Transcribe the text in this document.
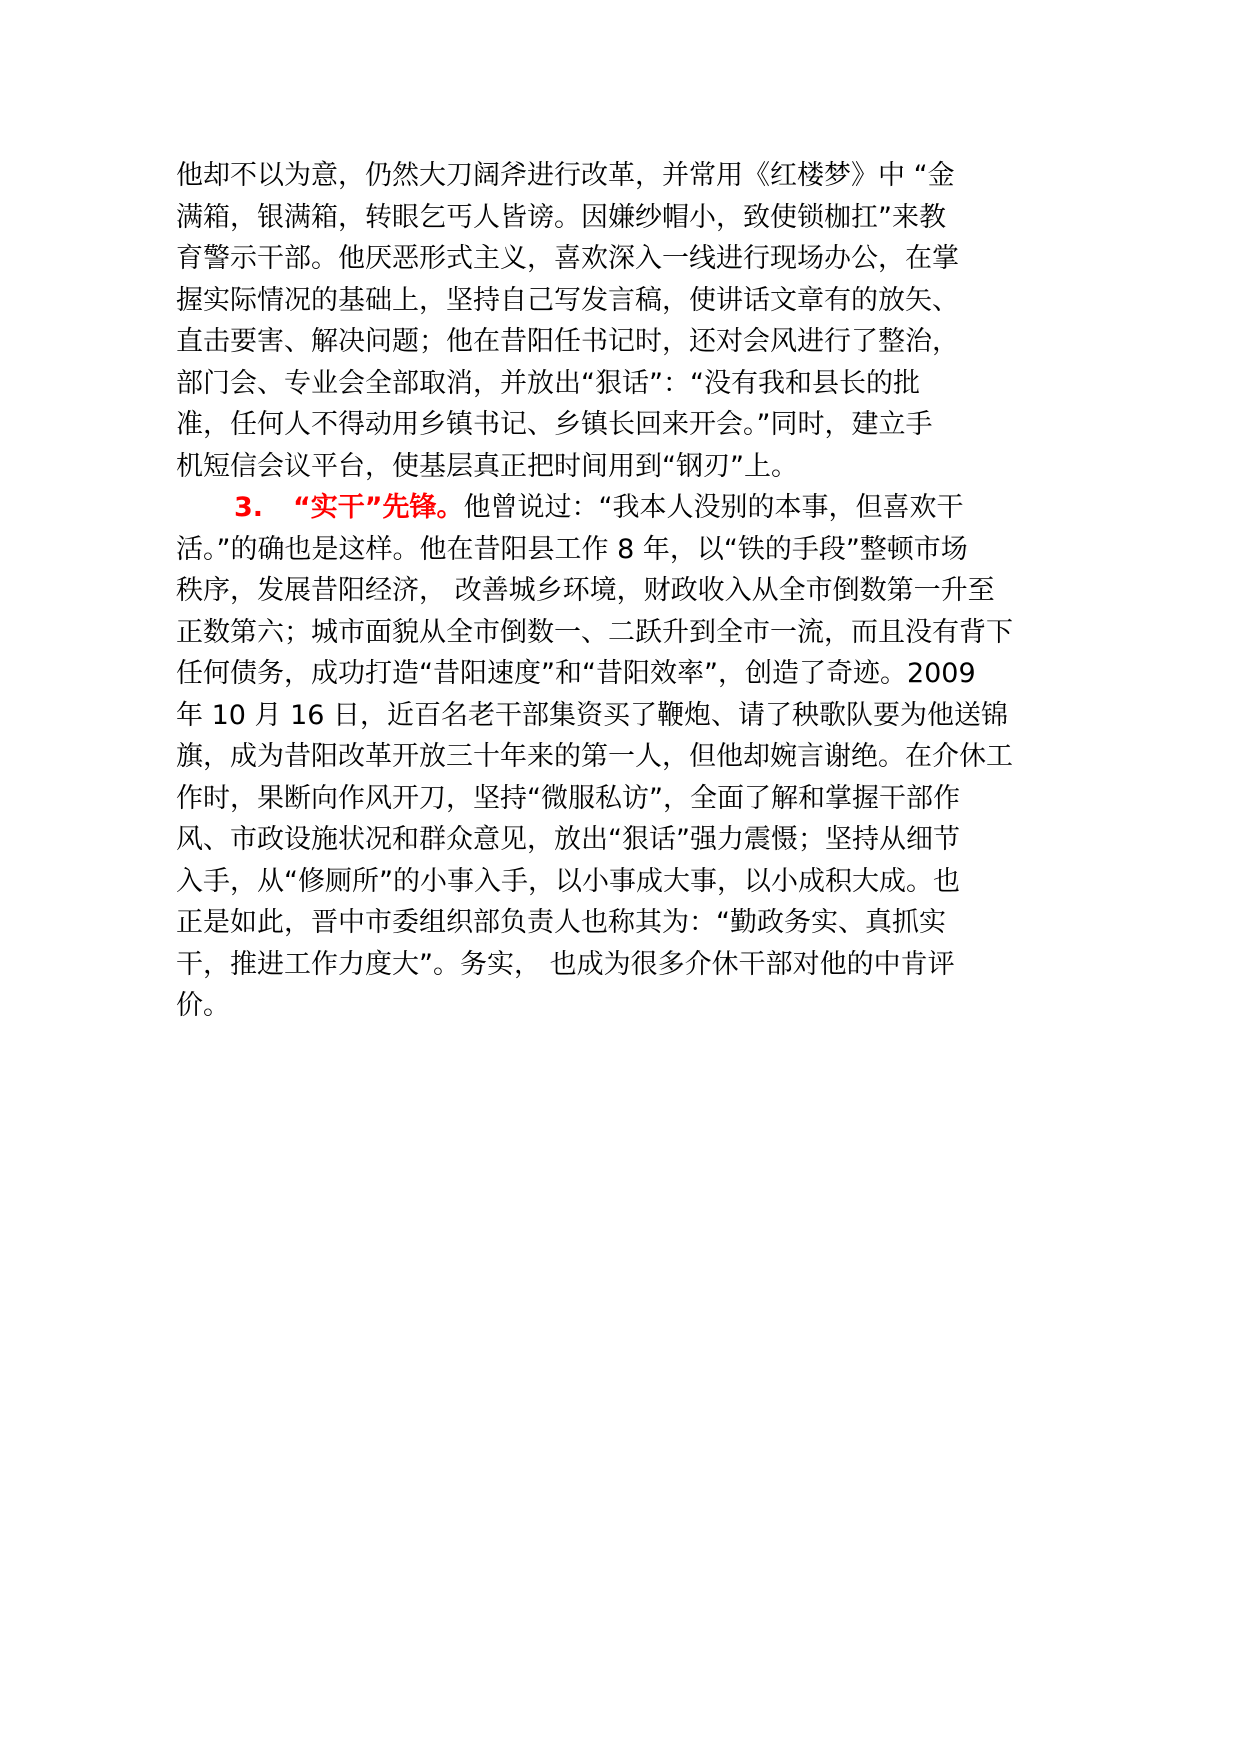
他却不以为意，仍然大刀阔斧进行改革，并常用《红楼梦》中 “金
满箱，银满箱，转眼乞丐人皆谤。因嫌纱帽小，致使锁枷扛”来教
育警示干部。他厌恶形式主义，喜欢深入一线进行现场办公，在掌
握实际情况的基础上，坚持自己写发言稿，使讲话文章有的放矢、
直击要害、解决问题；他在昔阳任书记时，还对会风进行了整治，
部门会、专业会全部取消，并放出“狠话”：“没有我和县长的批
准，任何人不得动用乡镇书记、乡镇长回来开会。”同时，建立手
机短信会议平台，使基层真正把时间用到“钢刃”上。
3. “实干”先锋。他曾说过：“我本人没别的本事，但喜欢干
活。”的确也是这样。他在昔阳县工作 8 年，以“铁的手段”整顿市场
秩序，发展昔阳经济， 改善城乡环境，财政收入从全市倒数第一升至
正数第六；城市面貌从全市倒数一、二跃升到全市一流，而且没有背下
任何债务，成功打造“昔阳速度”和“昔阳效率”，创造了奇迹。2009
年 10 月 16 日，近百名老干部集资买了鞭炮、请了秧歌队要为他送锦
旗，成为昔阳改革开放三十年来的第一人，但他却婉言谢绝。在介休工
作时，果断向作风开刀，坚持“微服私访”，全面了解和掌握干部作
风、市政设施状况和群众意见，放出“狠话”强力震慑；坚持从细节
入手，从“修厕所”的小事入手，以小事成大事，以小成积大成。也
正是如此，晋中市委组织部负责人也称其为：“勤政务实、真抓实
干，推进工作力度大”。务实， 也成为很多介休干部对他的中肯评
价。
